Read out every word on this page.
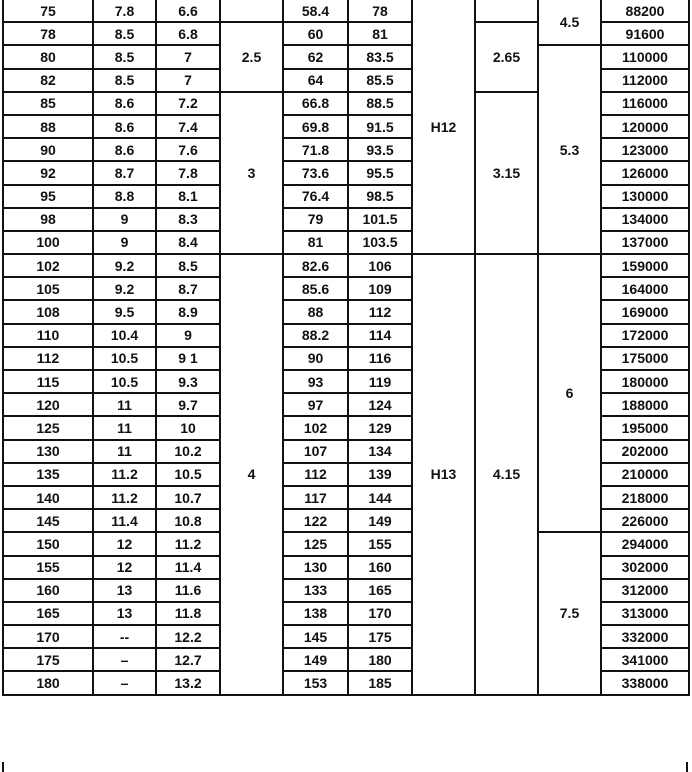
75	7.8	6.6		58.4	78	H12		4.5	88200
78	8.5	6.8	2.5	60	81		2.65		91600
80	8.5	7		62	83.5			5.3	110000
82	8.5	7		64	85.5				112000
85	8.6	7.2	3	66.8	88.5		3.15		116000
88	8.6	7.4		69.8	91.5				120000
90	8.6	7.6		71.8	93.5				123000
92	8.7	7.8		73.6	95.5				126000
95	8.8	8.1		76.4	98.5				130000
98	9	8.3		79	101.5				134000
100	9	8.4		81	103.5				137000
102	9.2	8.5	4	82.6	106	H13	4.15	6	159000
105	9.2	8.7		85.6	109				164000
108	9.5	8.9		88	112				169000
110	10.4	9		88.2	114				172000
112	10.5	9 1		90	116				175000
115	10.5	9.3		93	119				180000
120	11	9.7		97	124				188000
125	11	10		102	129				195000
130	11	10.2		107	134				202000
135	11.2	10.5		112	139				210000
140	11.2	10.7		117	144				218000
145	11.4	10.8		122	149				226000
150	12	11.2		125	155			7.5	294000
155	12	11.4		130	160				302000
160	13	11.6		133	165				312000
165	13	11.8		138	170				313000
170	--	12.2		145	175				332000
175	–	12.7		149	180				341000
180	–	13.2		153	185				338000
